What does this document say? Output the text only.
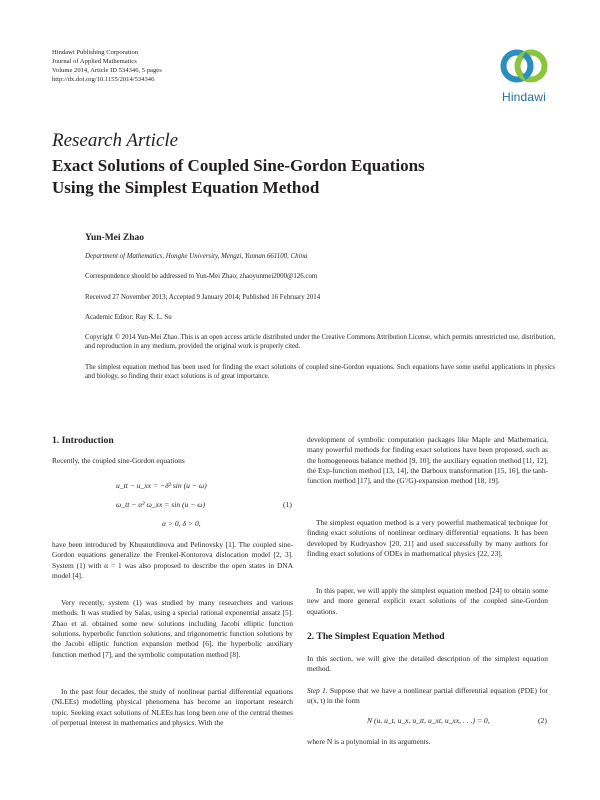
Hindawi Publishing Corporation
Journal of Applied Mathematics
Volume 2014, Article ID 534346, 5 pages
http://dx.doi.org/10.1155/2014/534346
Hindawi
Research Article
Exact Solutions of Coupled Sine-Gordon Equations
Using the Simplest Equation Method
Yun-Mei Zhao
Department of Mathematics, Honghe University, Mengzi, Yunnan 661100, China
Correspondence should be addressed to Yun-Mei Zhao; zhaoyunmei2000@126.com
Received 27 November 2013; Accepted 9 January 2014; Published 16 February 2014
Academic Editor: Ray K. L. Su
Copyright © 2014 Yun-Mei Zhao. This is an open access article distributed under the Creative Commons Attribution License, which permits unrestricted use, distribution, and reproduction in any medium, provided the original work is properly cited.
The simplest equation method has been used for finding the exact solutions of coupled sine-Gordon equations. Such equations have some useful applications in physics and biology, so finding their exact solutions is of great importance.
1. Introduction
Recently, the coupled sine-Gordon equations
u_tt − u_xx = −δ² sin (u − ω)
ω_tt − α² ω_xx = sin (u − ω)	(1)
α > 0, δ > 0,
have been introduced by Khusnutdinova and Pelinovsky [1]. The coupled sine-Gordon equations generalize the Frenkel-Kontorova dislocation model [2, 3]. System (1) with α = 1 was also proposed to describe the open states in DNA model [4].
Very recently, system (1) was studied by many researchers and various methods. It was studied by Salas, using a special rational exponential ansatz [5]. Zhao et al. obtained some new solutions including Jacobi elliptic function solutions, hyperbolic function solutions, and trigonometric function solutions by the Jacobi elliptic function expansion method [6], the hyperbolic auxiliary function method [7], and the symbolic computation method [8].
In the past four decades, the study of nonlinear partial differential equations (NLEEs) modelling physical phenomena has become an important research topic. Seeking exact solutions of NLEEs has long been one of the central themes of perpetual interest in mathematics and physics. With the
development of symbolic computation packages like Maple and Mathematica, many powerful methods for finding exact solutions have been proposed, such as the homogeneous balance method [9, 10], the auxiliary equation method [11, 12], the Exp-function method [13, 14], the Darboux transformation [15, 16], the tanh-function method [17], and the (G′/G)-expansion method [18, 19].
The simplest equation method is a very powerful mathematical technique for finding exact solutions of nonlinear ordinary differential equations. It has been developed by Kudryashov [20, 21] and used successfully by many authors for finding exact solutions of ODEs in mathematical physics [22, 23].
In this paper, we will apply the simplest equation method [24] to obtain some new and more general explicit exact solutions of the coupled sine-Gordon equations.
2. The Simplest Equation Method
In this section, we will give the detailed description of the simplest equation method.
Step 1. Suppose that we have a nonlinear partial differential equation (PDE) for u(x, t) in the form
N (u, u_t, u_x, u_tt, u_xt, u_xx, . . .) = 0,	(2)
where N is a polynomial in its arguments.
